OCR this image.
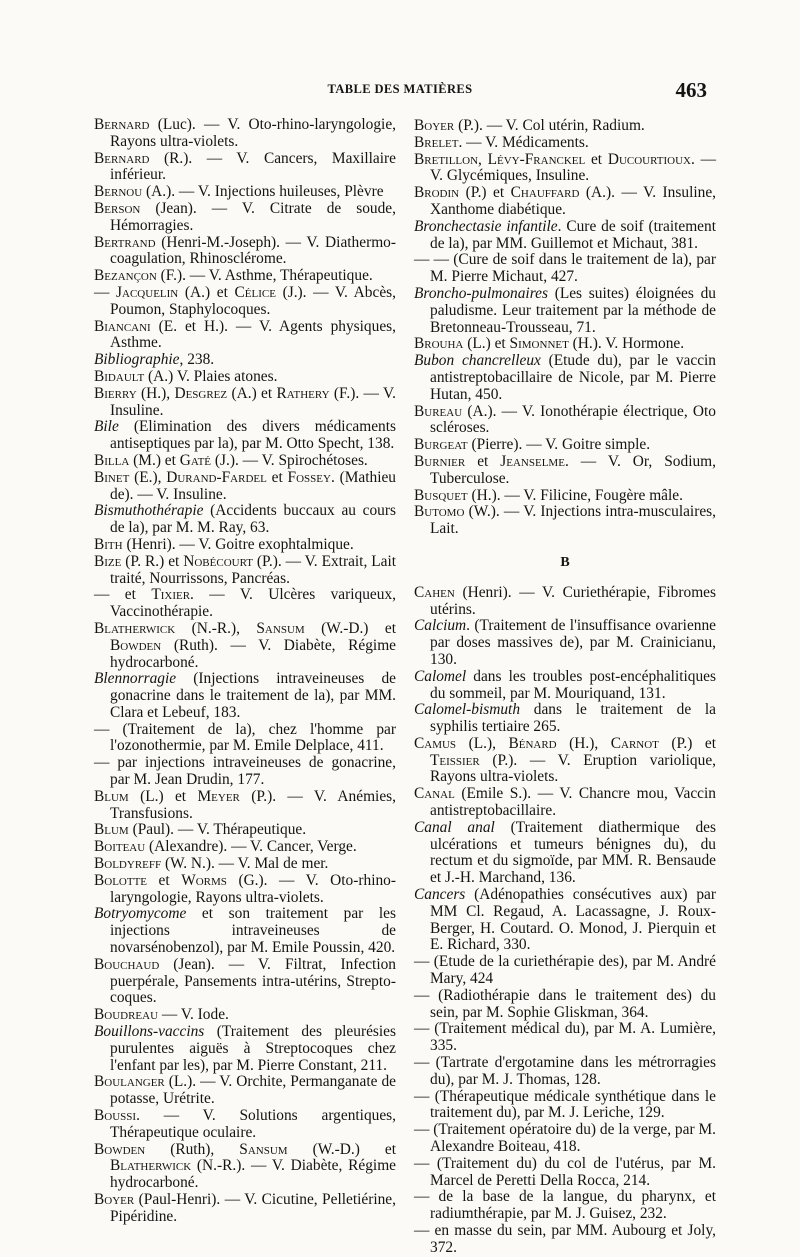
TABLE DES MATIÈRES	463

Bernard (Luc). — V. Oto-rhino-laryngologie, Rayons ultra-violets.

Bernard (R.). — V. Cancers, Maxillaire inférieur.

Bernou (A.). — V. Injections huileuses, Plèvre

Berson (Jean). — V. Citrate de soude, Hémorragies.

Bertrand (Henri-M.-Joseph). — V. Diathermo-coagulation, Rhinosclérome.

Bezançon (F.). — V. Asthme, Thérapeutique.

— Jacquelin (A.) et Célice (J.). — V. Abcès, Poumon, Staphylocoques.

Biancani (E. et H.). — V. Agents physiques, Asthme.

Bibliographie, 238.

Bidault (A.) V. Plaies atones.

Bierry (H.), Desgrez (A.) et Rathery (F.). — V. Insuline.

Bile (Elimination des divers médicaments antiseptiques par la), par M. Otto Specht, 138.

Billa (M.) et Gaté (J.). — V. Spirochétoses.

Binet (E.), Durand-Fardel et Fossey. (Mathieu de). — V. Insuline.

Bismuthothérapie (Accidents buccaux au cours de la), par M. M. Ray, 63.

Bith (Henri). — V. Goitre exophtalmique.

Bize (P. R.) et Nobécourt (P.). — V. Extrait, Lait traité, Nourrissons, Pancréas.

— et Tixier. — V. Ulcères variqueux, Vaccinothérapie.

Blatherwick (N.-R.), Sansum (W.-D.) et Bowden (Ruth). — V. Diabète, Régime hydrocarboné.

Blennorragie (Injections intraveineuses de gonacrine dans le traitement de la), par MM. Clara et Lebeuf, 183.

— (Traitement de la), chez l'homme par l'ozonothermie, par M. Emile Delplace, 411.

— par injections intraveineuses de gonacrine, par M. Jean Drudin, 177.

Blum (L.) et Meyer (P.). — V. Anémies, Transfusions.

Blum (Paul). — V. Thérapeutique.

Boiteau (Alexandre). — V. Cancer, Verge.

Boldyreff (W. N.). — V. Mal de mer.

Bolotte et Worms (G.). — V. Oto-rhino-laryngologie, Rayons ultra-violets.

Botryomycome et son traitement par les injections intraveineuses de novarsénobenzol), par M. Emile Poussin, 420.

Bouchaud (Jean). — V. Filtrat, Infection puerpérale, Pansements intra-utérins, Streptocoques.

Boudreau — V. Iode.

Bouillons-vaccins (Traitement des pleurésies purulentes aiguës à Streptocoques chez l'enfant par les), par M. Pierre Constant, 211.

Boulanger (L.). — V. Orchite, Permanganate de potasse, Urétrite.

Boussi. — V. Solutions argentiques, Thérapeutique oculaire.

Bowden (Ruth), Sansum (W.-D.) et Blatherwick (N.-R.). — V. Diabète, Régime hydrocarboné.

Boyer (Paul-Henri). — V. Cicutine, Pelletiérine, Pipéridine.

Boyer (P.). — V. Col utérin, Radium.

Brelet. — V. Médicaments.

Bretillon, Lévy-Franckel et Ducourtioux. — V. Glycémiques, Insuline.

Brodin (P.) et Chauffard (A.). — V. Insuline, Xanthome diabétique.

Bronchectasie infantile. Cure de soif (traitement de la), par MM. Guillemot et Michaut, 381.

— — (Cure de soif dans le traitement de la), par M. Pierre Michaut, 427.

Broncho-pulmonaires (Les suites) éloignées du paludisme. Leur traitement par la méthode de Bretonneau-Trousseau, 71.

Brouha (L.) et Simonnet (H.). V. Hormone.

Bubon chancrelleux (Etude du), par le vaccin antistreptobacillaire de Nicole, par M. Pierre Hutan, 450.

Bureau (A.). — V. Ionothérapie électrique, Oto scléroses.

Burgeat (Pierre). — V. Goitre simple.

Burnier et Jeanselme. — V. Or, Sodium, Tuberculose.

Busquet (H.). — V. Filicine, Fougère mâle.

Butomo (W.). — V. Injections intra-musculaires, Lait.

B

Cahen (Henri). — V. Curiethérapie, Fibromes utérins.

Calcium. (Traitement de l'insuffisance ovarienne par doses massives de), par M. Crainicianu, 130.

Calomel dans les troubles post-encéphalitiques du sommeil, par M. Mouriquand, 131.

Calomel-bismuth dans le traitement de la syphilis tertiaire 265.

Camus (L.), Bénard (H.), Carnot (P.) et Teissier (P.). — V. Eruption variolique, Rayons ultra-violets.

Canal (Emile S.). — V. Chancre mou, Vaccin antistreptobacillaire.

Canal anal (Traitement diathermique des ulcérations et tumeurs bénignes du), du rectum et du sigmoïde, par MM. R. Bensaude et J.-H. Marchand, 136.

Cancers (Adénopathies consécutives aux) par MM Cl. Regaud, A. Lacassagne, J. Roux-Berger, H. Coutard. O. Monod, J. Pierquin et E. Richard, 330.

— (Etude de la curiethérapie des), par M. André Mary, 424

— (Radiothérapie dans le traitement des) du sein, par M. Sophie Gliskman, 364.

— (Traitement médical du), par M. A. Lumière, 335.

— (Tartrate d'ergotamine dans les métrorragies du), par M. J. Thomas, 128.

— (Thérapeutique médicale synthétique dans le traitement du), par M. J. Leriche, 129.

— (Traitement opératoire du) de la verge, par M. Alexandre Boiteau, 418.

— (Traitement du) du col de l'utérus, par M. Marcel de Peretti Della Rocca, 214.

— de la base de la langue, du pharynx, et radiumthérapie, par M. J. Guisez, 232.

— en masse du sein, par MM. Aubourg et Joly, 372.
